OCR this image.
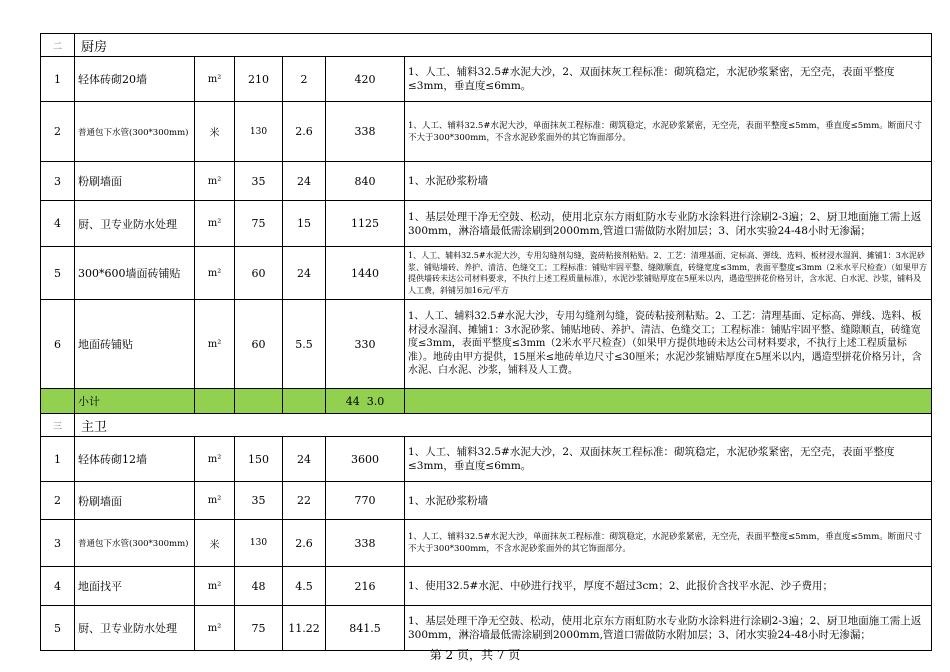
二	厨房					
1	轻体砖砌20墙	m²	210	2	420	1、人工、辅料32.5#水泥大沙，2、双面抹灰工程标准：砌筑稳定，水泥砂浆紧密，无空壳，表面平整度≤3mm，垂直度≤6mm。
2	普通包下水管(300*300mm)	米	130	2.6	338	1、人工、辅料32.5#水泥大沙，单面抹灰工程标准：砌筑稳定，水泥砂浆紧密，无空壳，表面平整度≤5mm，垂直度≤5mm。断面尺寸不大于300*300mm，不含水泥砂浆面外的其它饰面部分。
3	粉刷墙面	m²	35	24	840	1、水泥砂浆粉墙
4	厨、卫专业防水处理	m²	75	15	1125	1、基层处理干净无空鼓、松动，使用北京东方雨虹防水专业防水涂料进行涂刷2-3遍；2、厨卫地面施工需上返300mm，淋浴墙最低需涂刷到2000mm,管道口需做防水附加层；3、闭水实验24-48小时无渗漏；
5	300*600墙面砖铺贴	m²	60	24	1440	1、人工、辅料32.5#水泥大沙，专用勾缝剂勾缝，瓷砖粘接剂粘贴。2、工艺：清理基面、定标高、弹线、选料、板材浸水湿润、摊铺1：3水泥砂浆、铺贴墙砖、养护、清洁、色缝交工；工程标准：铺贴牢固平整、缝隙顺直，砖缝宽度≤3mm，表面平整度≤3mm（2米水平尺检查）（如果甲方提供墙砖未达公司材料要求，不执行上述工程质量标准），水泥沙浆铺贴厚度在5厘米以内，遇造型拼花价格另计，含水泥、白水泥、沙浆，铺料及人工费，斜铺另加16元/平方
6	地面砖铺贴	m²	60	5.5	330	1、人工、辅料32.5#水泥大沙，专用勾缝剂勾缝，瓷砖粘接剂粘贴。2、工艺：清理基面、定标高、弹线、选料、板材浸水湿润、摊铺1：3水泥砂浆、铺贴地砖、养护、清洁、色缝交工；工程标准：铺贴牢固平整、缝隙顺直，砖缝宽度≤3mm，表面平整度≤3mm（2米水平尺检查）（如果甲方提供地砖未达公司材料要求，不执行上述工程质量标准）。地砖由甲方提供，15厘米≤地砖单边尺寸≤30厘米；水泥沙浆铺贴厚度在5厘米以内，遇造型拼花价格另计，含水泥、白水泥、沙浆，铺料及人工费。
	小计				44  3.0	
三	主卫					
1	轻体砖砌12墙	m²	150	24	3600	1、人工、辅料32.5#水泥大沙，2、双面抹灰工程标准：砌筑稳定，水泥砂浆紧密，无空壳，表面平整度≤3mm，垂直度≤6mm。
2	粉刷墙面	m²	35	22	770	1、水泥砂浆粉墙
3	普通包下水管(300*300mm)	米	130	2.6	338	1、人工、辅料32.5#水泥大沙，单面抹灰工程标准：砌筑稳定，水泥砂浆紧密，无空壳，表面平整度≤5mm，垂直度≤5mm。断面尺寸不大于300*300mm，不含水泥砂浆面外的其它饰面部分。
4	地面找平	m²	48	4.5	216	1、使用32.5#水泥、中砂进行找平，厚度不超过3cm；2、此报价含找平水泥、沙子费用；
5	厨、卫专业防水处理	m²	75	11.22	841.5	1、基层处理干净无空鼓、松动，使用北京东方雨虹防水专业防水涂料进行涂刷2-3遍；2、厨卫地面施工需上返300mm，淋浴墙最低需涂刷到2000mm,管道口需做防水附加层；3、闭水实验24-48小时无渗漏；
第 2 页，共 7 页
